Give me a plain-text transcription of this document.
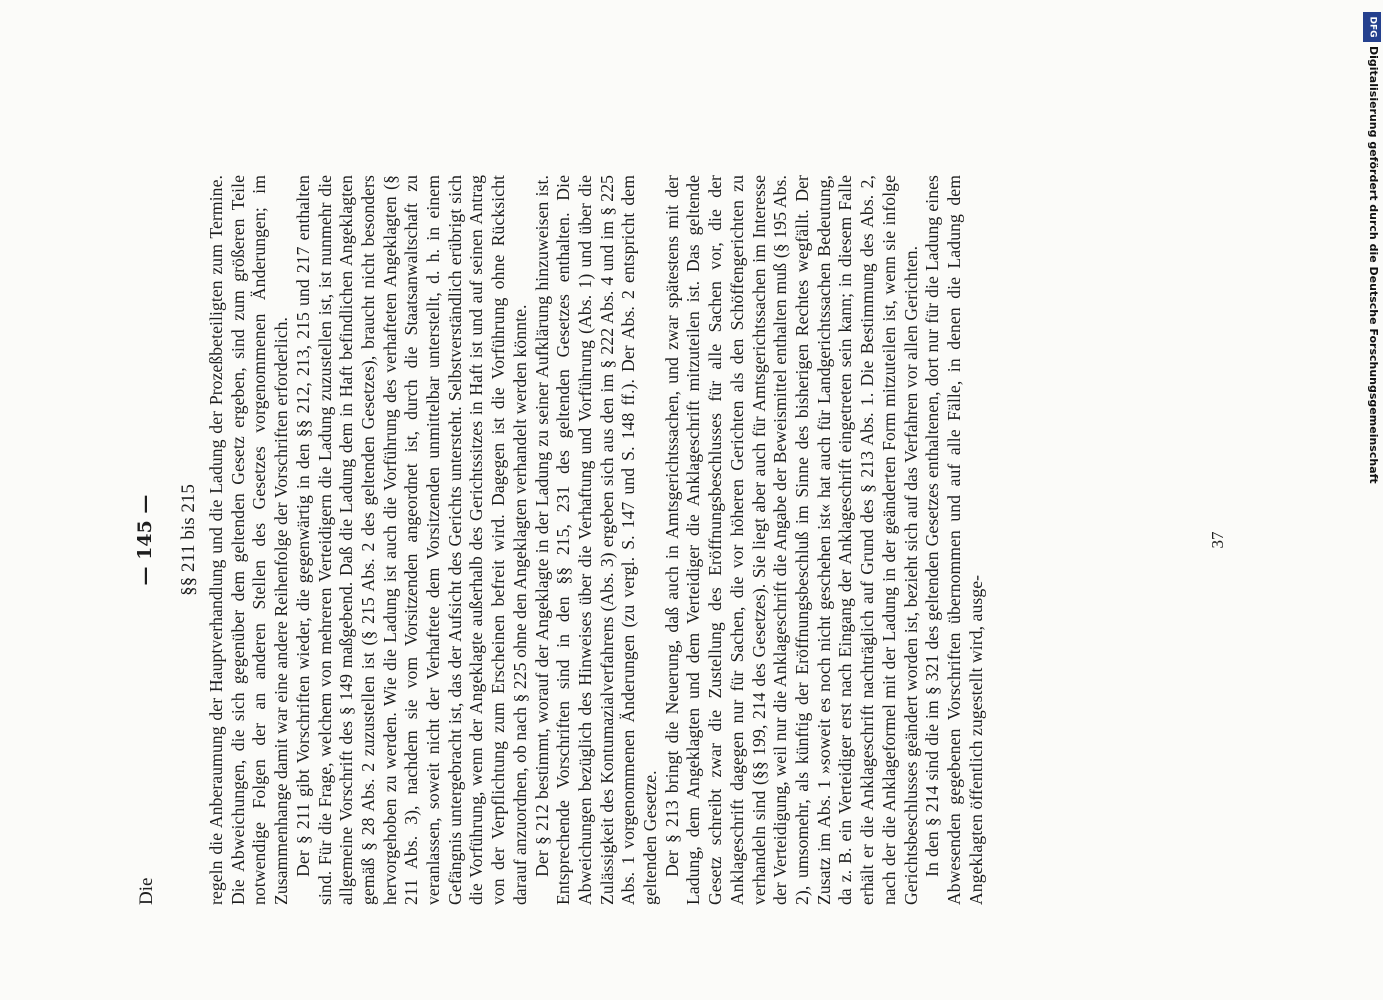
Die
— 145 — §§ 211 bis 215 regeln die Anberaumung der Hauptverhandlung und die Ladung der Prozeßbeteiligten zum Termine. Die Abweichungen, die sich gegenüber dem geltenden Gesetz ergeben, sind zum größeren Teile notwendige Folgen der an anderen Stellen des Gesetzes vorgenommenen Änderungen; im Zusammenhange damit war eine andere Reihenfolge der Vorschriften erforderlich. Der § 211 gibt Vorschriften wieder, die gegenwärtig in den §§ 212, 213, 215 und 217 enthalten sind. Für die Frage, welchem von mehreren Verteidigern die Ladung zuzustellen ist, ist nunmehr die allgemeine Vorschrift des § 149 maßgebend. Daß die Ladung dem in Haft befindlichen Angeklagten gemäß § 28 Abs. 2 zuzustellen ist (§ 215 Abs. 2 des geltenden Gesetzes), braucht nicht besonders hervorgehoben zu werden. Wie die Ladung ist auch die Vorführung des verhafteten Angeklagten (§ 211 Abs. 3), nachdem sie vom Vorsitzenden angeordnet ist, durch die Staatsanwaltschaft zu veranlassen, soweit nicht der Verhaftete dem Vorsitzenden unmittelbar unterstellt, d. h. in einem Gefängnis untergebracht ist, das der Aufsicht des Gerichts untersteht. Selbstverständlich erübrigt sich die Vorführung, wenn der Angeklagte außerhalb des Gerichtssitzes in Haft ist und auf seinen Antrag von der Verpflichtung zum Erscheinen befreit wird. Dagegen ist die Vorführung ohne Rücksicht darauf anzuordnen, ob nach § 225 ohne den Angeklagten verhandelt werden könnte. Der § 212 bestimmt, worauf der Angeklagte in der Ladung zu seiner Aufklärung hinzuweisen ist. Entsprechende Vorschriften sind in den §§ 215, 231 des geltenden Gesetzes enthalten. Die Abweichungen bezüglich des Hinweises über die Verhaftung und Vorführung (Abs. 1) und über die Zulässigkeit des Kontumazialverfahrens (Abs. 3) ergeben sich aus den im § 222 Abs. 4 und im § 225 Abs. 1 vorgenommenen Änderungen (zu vergl. S. 147 und S. 148 ff.). Der Abs. 2 entspricht dem geltenden Gesetze. Der § 213 bringt die Neuerung, daß auch in Amtsgerichtssachen, und zwar spätestens mit der Ladung, dem Angeklagten und dem Verteidiger die Anklageschrift mitzuteilen ist. Das geltende Gesetz schreibt zwar die Zustellung des Eröffnungsbeschlusses für alle Sachen vor, die der Anklageschrift dagegen nur für Sachen, die vor höheren Gerichten als den Schöffengerichten zu verhandeln sind (§§ 199, 214 des Gesetzes). Sie liegt aber auch für Amtsgerichtssachen im Interesse der Verteidigung, weil nur die Anklageschrift die Angabe der Beweismittel enthalten muß (§ 195 Abs. 2), umsomehr, als künftig der Eröffnungsbeschluß im Sinne des bisherigen Rechtes wegfällt. Der Zusatz im Abs. 1 »soweit es noch nicht geschehen ist« hat auch für Landgerichtssachen Bedeutung, da z. B. ein Verteidiger erst nach Eingang der Anklageschrift eingetreten sein kann; in diesem Falle erhält er die Anklageschrift nachträglich auf Grund des § 213 Abs. 1. Die Bestimmung des Abs. 2, nach der die Anklageformel mit der Ladung in der geänderten Form mitzuteilen ist, wenn sie infolge Gerichtsbeschlusses geändert worden ist, bezieht sich auf das Verfahren vor allen Gerichten. In den § 214 sind die im § 321 des geltenden Gesetzes enthaltenen, dort nur für die Ladung eines Abwesenden gegebenen Vorschriften übernommen und auf alle Fälle, in denen die Ladung dem Angeklagten öffentlich zugestellt wird, ausge-

37
DFG
Digitalisierung gefördert durch die Deutsche Forschungsgemeinschaft
